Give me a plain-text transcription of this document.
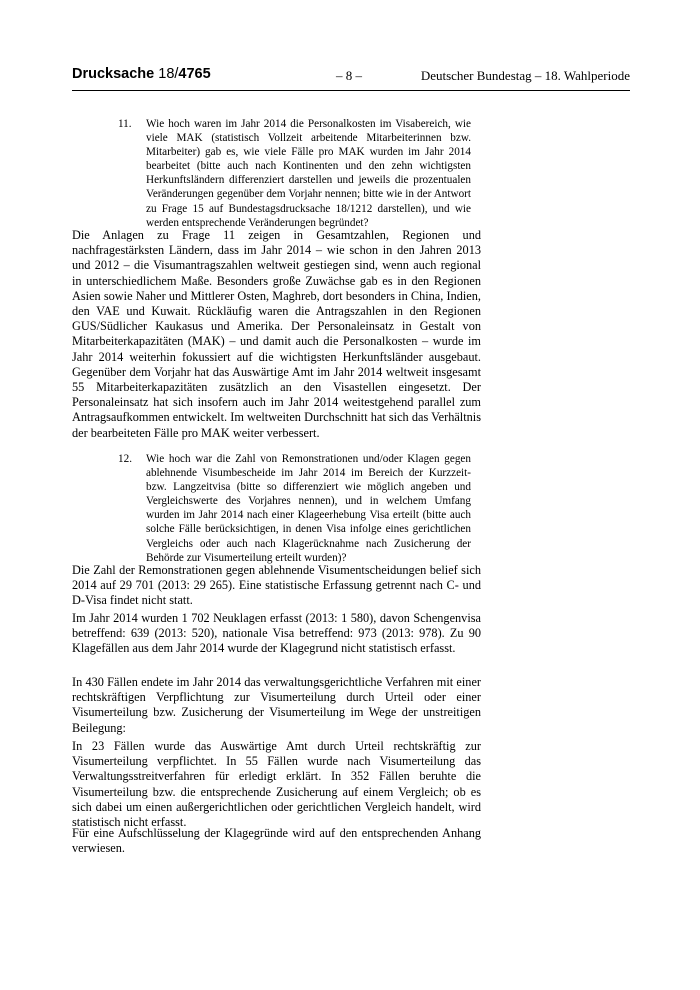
Drucksache 18/4765	– 8 –	Deutscher Bundestag – 18. Wahlperiode
11. Wie hoch waren im Jahr 2014 die Personalkosten im Visabereich, wie viele MAK (statistisch Vollzeit arbeitende Mitarbeiterinnen bzw. Mitarbeiter) gab es, wie viele Fälle pro MAK wurden im Jahr 2014 bearbeitet (bitte auch nach Kontinenten und den zehn wichtigsten Herkunftsländern differenziert darstellen und jeweils die prozentualen Veränderungen gegenüber dem Vorjahr nennen; bitte wie in der Antwort zu Frage 15 auf Bundestagsdrucksache 18/1212 darstellen), und wie werden entsprechende Veränderungen begründet?

Die Anlagen zu Frage 11 zeigen in Gesamtzahlen, Regionen und nachfragestärksten Ländern, dass im Jahr 2014 – wie schon in den Jahren 2013 und 2012 – die Visumantragszahlen weltweit gestiegen sind, wenn auch regional in unterschiedlichem Maße. Besonders große Zuwächse gab es in den Regionen Asien sowie Naher und Mittlerer Osten, Maghreb, dort besonders in China, Indien, den VAE und Kuwait. Rückläufig waren die Antragszahlen in den Regionen GUS/Südlicher Kaukasus und Amerika. Der Personaleinsatz in Gestalt von Mitarbeiterkapazitäten (MAK) – und damit auch die Personalkosten – wurde im Jahr 2014 weiterhin fokussiert auf die wichtigsten Herkunftsländer ausgebaut. Gegenüber dem Vorjahr hat das Auswärtige Amt im Jahr 2014 weltweit insgesamt 55 Mitarbeiterkapazitäten zusätzlich an den Visastellen eingesetzt. Der Personaleinsatz hat sich insofern auch im Jahr 2014 weitestgehend parallel zum Antragsaufkommen entwickelt. Im weltweiten Durchschnitt hat sich das Verhältnis der bearbeiteten Fälle pro MAK weiter verbessert.

12. Wie hoch war die Zahl von Remonstrationen und/oder Klagen gegen ablehnende Visumbescheide im Jahr 2014 im Bereich der Kurzzeit- bzw. Langzeitvisa (bitte so differenziert wie möglich angeben und Vergleichswerte des Vorjahres nennen), und in welchem Umfang wurden im Jahr 2014 nach einer Klageerhebung Visa erteilt (bitte auch solche Fälle berücksichtigen, in denen Visa infolge eines gerichtlichen Vergleichs oder auch nach Klagerücknahme nach Zusicherung der Behörde zur Visumerteilung erteilt wurden)?

Die Zahl der Remonstrationen gegen ablehnende Visumentscheidungen belief sich 2014 auf 29 701 (2013: 29 265). Eine statistische Erfassung getrennt nach C- und D-Visa findet nicht statt.

Im Jahr 2014 wurden 1 702 Neuklagen erfasst (2013: 1 580), davon Schengenvisa betreffend: 639 (2013: 520), nationale Visa betreffend: 973 (2013: 978). Zu 90 Klagefällen aus dem Jahr 2014 wurde der Klagegrund nicht statistisch erfasst.

In 430 Fällen endete im Jahr 2014 das verwaltungsgerichtliche Verfahren mit einer rechtskräftigen Verpflichtung zur Visumerteilung durch Urteil oder einer Visumerteilung bzw. Zusicherung der Visumerteilung im Wege der unstreitigen Beilegung:

In 23 Fällen wurde das Auswärtige Amt durch Urteil rechtskräftig zur Visumerteilung verpflichtet. In 55 Fällen wurde nach Visumerteilung das Verwaltungsstreitverfahren für erledigt erklärt. In 352 Fällen beruhte die Visumerteilung bzw. die entsprechende Zusicherung auf einem Vergleich; ob es sich dabei um einen außergerichtlichen oder gerichtlichen Vergleich handelt, wird statistisch nicht erfasst.

Für eine Aufschlüsselung der Klagegründe wird auf den entsprechenden Anhang verwiesen.
